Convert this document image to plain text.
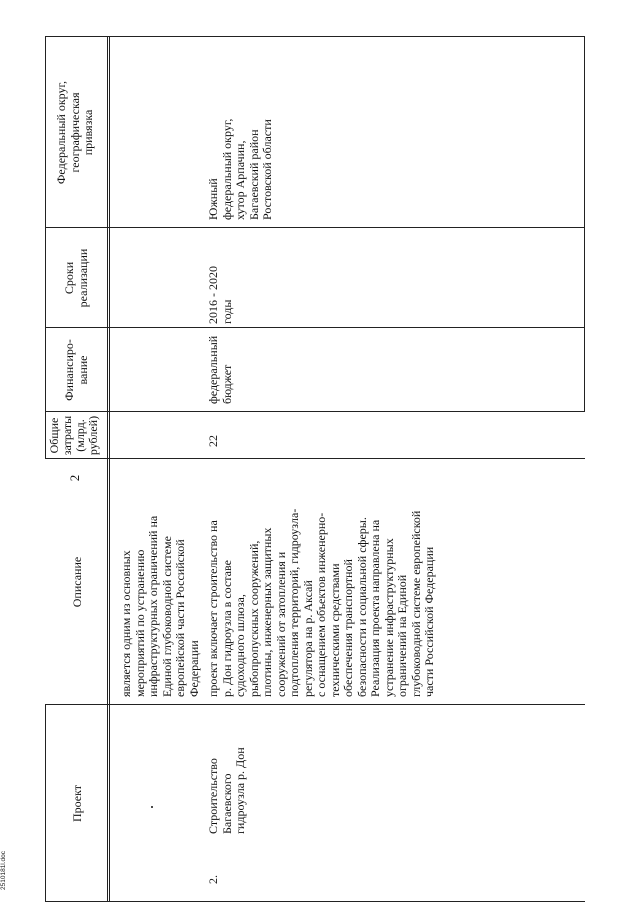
Проект
Описание
Общие
затраты
(млрд.
рублей)
Финансиро-
вание
Сроки
реализации
Федеральный округ,
географическая
привязка
является одним из основных
мероприятий по устранению
инфраструктурных ограничений на
Единой глубоководной системе
европейской части Российской
Федерации
2.
Строительство
Багаевского
гидроузла р. Дон
проект включает строительство на
р. Дон гидроузла в составе
судоходного шлюза,
рыбопропускных сооружений,
плотины, инженерных защитных
сооружений от затопления и
подтопления территорий, гидроузла-
регулятора на р. Аксай
с оснащением объектов инженерно-
техническими средствами
обеспечения транспортной
безопасности и социальной сферы.
Реализация проекта направлена на
устранение инфраструктурных
ограничений на Единой
глубоководной системе европейской
части Российской Федерации
22
федеральный
бюджет
2016 - 2020
годы
Южный
федеральный округ,
хутор Арпачин,
Багаевский район
Ростовской области
2
2510181l.doc
